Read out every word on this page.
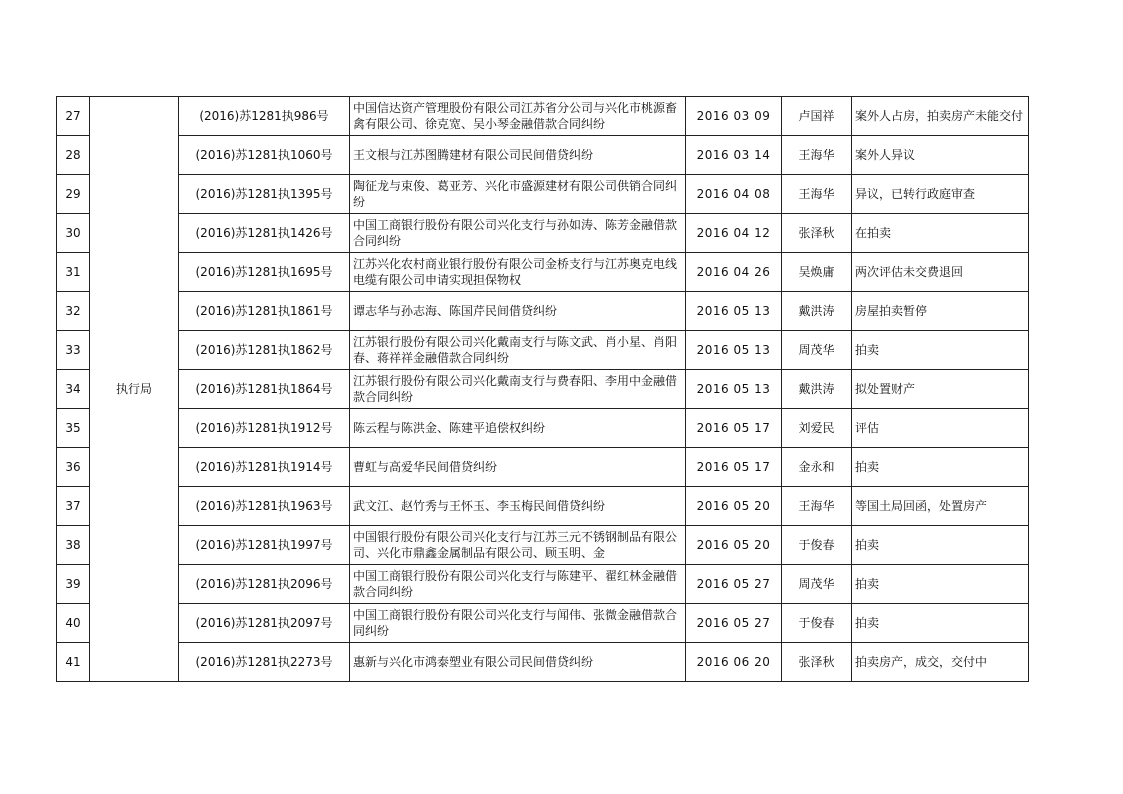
27	执行局	(2016)苏1281执986号	中国信达资产管理股份有限公司江苏省分公司与兴化市桃源畜禽有限公司、徐克宽、吴小琴金融借款合同纠纷	2016 03 09	卢国祥	案外人占房，拍卖房产未能交付

28		(2016)苏1281执1060号	王文根与江苏图腾建材有限公司民间借贷纠纷	2016 03 14	王海华	案外人异议

29		(2016)苏1281执1395号	陶征龙与束俊、葛亚芳、兴化市盛源建材有限公司供销合同纠纷	2016 04 08	王海华	异议，已转行政庭审查

30		(2016)苏1281执1426号	中国工商银行股份有限公司兴化支行与孙如涛、陈芳金融借款合同纠纷	2016 04 12	张泽秋	在拍卖

31		(2016)苏1281执1695号	江苏兴化农村商业银行股份有限公司金桥支行与江苏奥克电线电缆有限公司申请实现担保物权	2016 04 26	吴焕庸	两次评估未交费退回

32		(2016)苏1281执1861号	谭志华与孙志海、陈国芹民间借贷纠纷	2016 05 13	戴洪涛	房屋拍卖暂停

33		(2016)苏1281执1862号	江苏银行股份有限公司兴化戴南支行与陈文武、肖小星、肖阳春、蒋祥祥金融借款合同纠纷	2016 05 13	周茂华	拍卖

34		(2016)苏1281执1864号	江苏银行股份有限公司兴化戴南支行与费春阳、李用中金融借款合同纠纷	2016 05 13	戴洪涛	拟处置财产

35		(2016)苏1281执1912号	陈云程与陈洪金、陈建平追偿权纠纷	2016 05 17	刘爱民	评估

36		(2016)苏1281执1914号	曹虹与高爱华民间借贷纠纷	2016 05 17	金永和	拍卖

37		(2016)苏1281执1963号	武文江、赵竹秀与王怀玉、李玉梅民间借贷纠纷	2016 05 20	王海华	等国土局回函，处置房产

38		(2016)苏1281执1997号	中国银行股份有限公司兴化支行与江苏三元不锈钢制品有限公司、兴化市鼎鑫金属制品有限公司、顾玉明、金	2016 05 20	于俊春	拍卖

39		(2016)苏1281执2096号	中国工商银行股份有限公司兴化支行与陈建平、翟红林金融借款合同纠纷	2016 05 27	周茂华	拍卖

40		(2016)苏1281执2097号	中国工商银行股份有限公司兴化支行与闻伟、张微金融借款合同纠纷	2016 05 27	于俊春	拍卖

41		(2016)苏1281执2273号	惠新与兴化市鸿泰塑业有限公司民间借贷纠纷	2016 06 20	张泽秋	拍卖房产，成交，交付中
